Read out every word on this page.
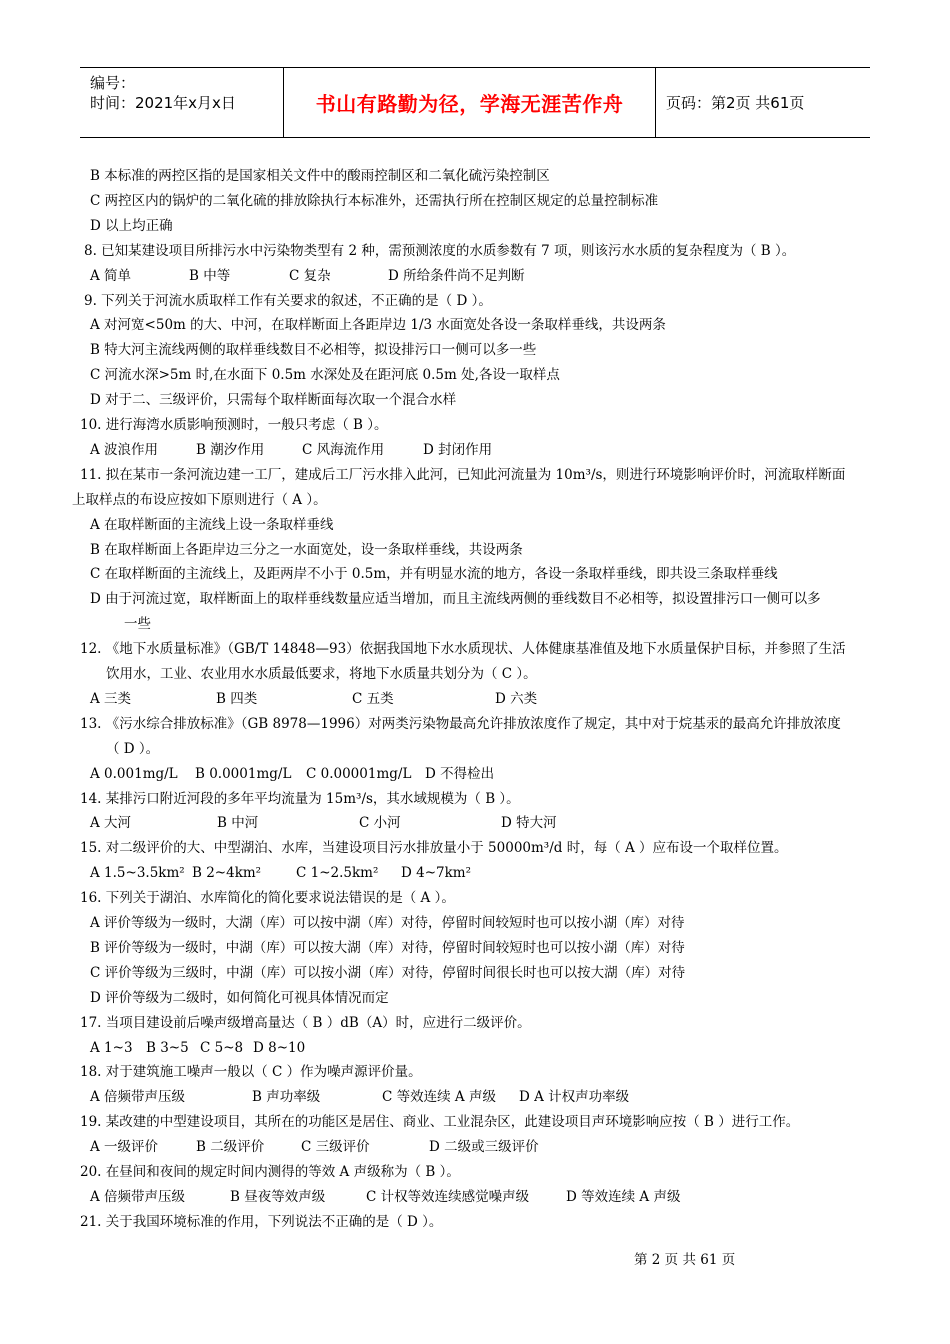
编号：
时间：2021年x月x日	书山有路勤为径，学海无涯苦作舟	页码：第2页 共61页
B 本标准的两控区指的是国家相关文件中的酸雨控制区和二氧化硫污染控制区
C 两控区内的锅炉的二氧化硫的排放除执行本标准外，还需执行所在控制区规定的总量控制标准
D 以上均正确
8. 已知某建设项目所排污水中污染物类型有 2 种，需预测浓度的水质参数有 7 项，则该污水水质的复杂程度为（ B ）。
A 简单	B 中等	C 复杂	D 所给条件尚不足判断
9. 下列关于河流水质取样工作有关要求的叙述，不正确的是（ D ）。
A 对河宽<50m 的大、中河，在取样断面上各距岸边 1/3 水面宽处各设一条取样垂线，共设两条
B 特大河主流线两侧的取样垂线数目不必相等，拟设排污口一侧可以多一些
C 河流水深>5m 时,在水面下 0.5m 水深处及在距河底 0.5m 处,各设一取样点
D 对于二、三级评价，只需每个取样断面每次取一个混合水样
10. 进行海湾水质影响预测时，一般只考虑（ B ）。
A 波浪作用	B 潮汐作用	C 风海流作用	D 封闭作用
11. 拟在某市一条河流边建一工厂，建成后工厂污水排入此河，已知此河流量为 10m³/s，则进行环境影响评价时，河流取样断面
上取样点的布设应按如下原则进行（ A ）。
A 在取样断面的主流线上设一条取样垂线
B 在取样断面上各距岸边三分之一水面宽处，设一条取样垂线，共设两条
C 在取样断面的主流线上，及距两岸不小于 0.5m，并有明显水流的地方，各设一条取样垂线，即共设三条取样垂线
D 由于河流过宽，取样断面上的取样垂线数量应适当增加，而且主流线两侧的垂线数目不必相等，拟设置排污口一侧可以多
一些
12. 《地下水质量标准》（GB/T 14848—93）依据我国地下水水质现状、人体健康基准值及地下水质量保护目标，并参照了生活
饮用水，工业、农业用水水质最低要求，将地下水质量共划分为（ C ）。
A 三类	B 四类	C 五类	D 六类
13. 《污水综合排放标准》（GB 8978—1996）对两类污染物最高允许排放浓度作了规定，其中对于烷基汞的最高允许排放浓度
（ D ）。
A 0.001mg/L B 0.0001mg/L C 0.00001mg/L D 不得检出
14. 某排污口附近河段的多年平均流量为 15m³/s，其水域规模为（ B ）。
A 大河	B 中河	C 小河	D 特大河
15. 对二级评价的大、中型湖泊、水库，当建设项目污水排放量小于 50000m³/d 时，每（ A ）应布设一个取样位置。
A 1.5~3.5km² B 2~4km²	C 1~2.5km² D 4~7km²
16. 下列关于湖泊、水库简化的简化要求说法错误的是（ A ）。
A 评价等级为一级时，大湖（库）可以按中湖（库）对待，停留时间较短时也可以按小湖（库）对待
B 评价等级为一级时，中湖（库）可以按大湖（库）对待，停留时间较短时也可以按小湖（库）对待
C 评价等级为三级时，中湖（库）可以按小湖（库）对待，停留时间很长时也可以按大湖（库）对待
D 评价等级为二级时，如何简化可视具体情况而定
17. 当项目建设前后噪声级增高量达（ B ）dB（A）时，应进行二级评价。
A 1~3 B 3~5 C 5~8 D 8~10
18. 对于建筑施工噪声一般以（ C ）作为噪声源评价量。
A 倍频带声压级	B 声功率级	C 等效连续 A 声级 D A 计权声功率级
19. 某改建的中型建设项目，其所在的功能区是居住、商业、工业混杂区，此建设项目声环境影响应按（ B ）进行工作。
A 一级评价	B 二级评价	C 三级评价	D 二级或三级评价
20. 在昼间和夜间的规定时间内测得的等效 A 声级称为（ B ）。
A 倍频带声压级	B 昼夜等效声级	C 计权等效连续感觉噪声级	D 等效连续 A 声级
21. 关于我国环境标准的作用，下列说法不正确的是（ D ）。
第 2 页 共 61 页
